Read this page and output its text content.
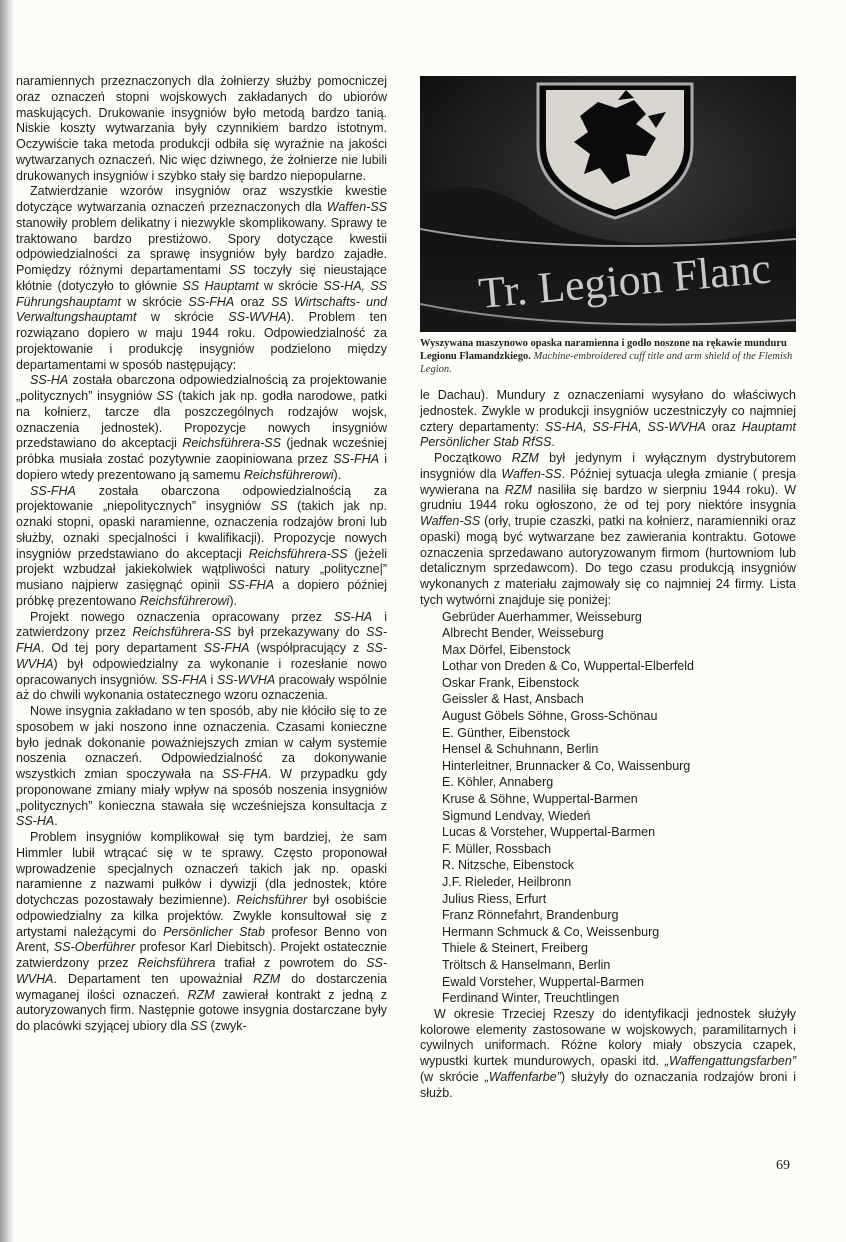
naramiennych przeznaczonych dla żołnierzy służby pomocniczej oraz oznaczeń stopni wojskowych zakładanych do ubiorów maskujących. Drukowanie insygniów było metodą bardzo tanią. Niskie koszty wytwarzania były czynnikiem bardzo istotnym. Oczywiście taka metoda produkcji odbiła się wyraźnie na jakości wytwarzanych oznaczeń. Nic więc dziwnego, że żołnierze nie lubili drukowanych insygniów i szybko stały się bardzo niepopularne.

Zatwierdzanie wzorów insygniów oraz wszystkie kwestie dotyczące wytwarzania oznaczeń przeznaczonych dla Waffen-SS stanowiły problem delikatny i niezwykle skomplikowany. Sprawy te traktowano bardzo prestiżowo. Spory dotyczące kwestii odpowiedzialności za sprawę insygniów były bardzo zajadłe. Pomiędzy różnymi departamentami SS toczyły się nieustające kłótnie (dotyczyło to głównie SS Hauptamt w skrócie SS-HA, SS Führungshauptamt w skrócie SS-FHA oraz SS Wirtschafts- und Verwaltungshauptamt w skrócie SS-WVHA). Problem ten rozwiązano dopiero w maju 1944 roku. Odpowiedzialność za projektowanie i produkcję insygniów podzielono między departamentami w sposób następujący:

SS-HA została obarczona odpowiedzialnością za projektowanie „politycznych” insygniów SS (takich jak np. godła narodowe, patki na kołnierz, tarcze dla poszczególnych rodzajów wojsk, oznaczenia jednostek). Propozycje nowych insygniów przedstawiano do akceptacji Reichsführera-SS (jednak wcześniej próbka musiała zostać pozytywnie zaopiniowana przez SS-FHA i dopiero wtedy prezentowano ją samemu Reichsführerowi).

SS-FHA została obarczona odpowiedzialnością za projektowanie „niepolitycznych” insygniów SS (takich jak np. oznaki stopni, opaski naramienne, oznaczenia rodzajów broni lub służby, oznaki specjalności i kwalifikacji). Propozycje nowych insygniów przedstawiano do akceptacji Reichsführera-SS (jeżeli projekt wzbudzał jakiekolwiek wątpliwości natury „polityczne|” musiano najpierw zasięgnąć opinii SS-FHA a dopiero później próbkę prezentowano Reichsführerowi).

Projekt nowego oznaczenia opracowany przez SS-HA i zatwierdzony przez Reichsführera-SS był przekazywany do SS-FHA. Od tej pory departament SS-FHA (współpracujący z SS-WVHA) był odpowiedzialny za wykonanie i rozesłanie nowo opracowanych insygniów. SS-FHA i SS-WVHA pracowały wspólnie aż do chwili wykonania ostatecznego wzoru oznaczenia.

Nowe insygnia zakładano w ten sposób, aby nie kłóciło się to ze sposobem w jaki noszono inne oznaczenia. Czasami konieczne było jednak dokonanie poważniejszych zmian w całym systemie noszenia oznaczeń. Odpowiedzialność za dokonywanie wszystkich zmian spoczywała na SS-FHA. W przypadku gdy proponowane zmiany miały wpływ na sposób noszenia insygniów „politycznych” konieczna stawała się wcześniejsza konsultacja z SS-HA.

Problem insygniów komplikował się tym bardziej, że sam Himmler lubił wtrącać się w te sprawy. Często proponował wprowadzenie specjalnych oznaczeń takich jak np. opaski naramienne z nazwami pułków i dywizji (dla jednostek, które dotychczas pozostawały bezimienne). Reichsführer był osobiście odpowiedzialny za kilka projektów. Zwykle konsultował się z artystami należącymi do Persönlicher Stab profesor Benno von Arent, SS-Oberführer profesor Karl Diebitsch). Projekt ostatecznie zatwierdzony przez Reichsführera trafiał z powrotem do SS-WVHA. Departament ten upoważniał RZM do dostarczenia wymaganej ilości oznaczeń. RZM zawierał kontrakt z jedną z autoryzowanych firm. Następnie gotowe insygnia dostarczane były do placówki szyjącej ubiory dla SS (zwyk-

Tr. Legion Flanc
Wyszywana maszynowo opaska naramienna i godło noszone na rękawie munduru Legionu Flamandzkiego. Machine-embroidered cuff title and arm shield of the Flemish Legion.

le Dachau). Mundury z oznaczeniami wysyłano do właściwych jednostek. Zwykle w produkcji insygniów uczestniczyły co najmniej cztery departamenty: SS-HA, SS-FHA, SS-WVHA oraz Hauptamt Persönlicher Stab RfSS.

Początkowo RZM był jedynym i wyłącznym dystrybutorem insygniów dla Waffen-SS. Później sytuacja uległa zmianie ( presja wywierana na RZM nasiliła się bardzo w sierpniu 1944 roku). W grudniu 1944 roku ogłoszono, że od tej pory niektóre insygnia Waffen-SS (orły, trupie czaszki, patki na kołnierz, naramienniki oraz opaski) mogą być wytwarzane bez zawierania kontraktu. Gotowe oznaczenia sprzedawano autoryzowanym firmom (hurtowniom lub detalicznym sprzedawcom). Do tego czasu produkcją insygniów wykonanych z materiału zajmowały się co najmniej 24 firmy. Lista tych wytwórni znajduje się poniżej:

Gebrüder Auerhammer, Weisseburg
Albrecht Bender, Weisseburg
Max Dörfel, Eibenstock
Lothar von Dreden & Co, Wuppertal-Elberfeld
Oskar Frank, Eibenstock
Geissler & Hast, Ansbach
August Göbels Söhne, Gross-Schönau
E. Günther, Eibenstock
Hensel & Schuhnann, Berlin
Hinterleitner, Brunnacker & Co, Waissenburg
E. Köhler, Annaberg
Kruse & Söhne, Wuppertal-Barmen
Sigmund Lendvay, Wiedeń
Lucas & Vorsteher, Wuppertal-Barmen
F. Müller, Rossbach
R. Nitzsche, Eibenstock
J.F. Rieleder, Heilbronn
Julius Riess, Erfurt
Franz Rönnefahrt, Brandenburg
Hermann Schmuck & Co, Weissenburg
Thiele & Steinert, Freiberg
Tröltsch & Hanselmann, Berlin
Ewald Vorsteher, Wuppertal-Barmen
Ferdinand Winter, Treuchtlingen

W okresie Trzeciej Rzeszy do identyfikacji jednostek służyły kolorowe elementy zastosowane w wojskowych, paramilitarnych i cywilnych uniformach. Różne kolory miały obszycia czapek, wypustki kurtek mundurowych, opaski itd. „Waffengattungsfarben” (w skrócie „Waffenfarbe”) służyły do oznaczania rodzajów broni i służb.

69
